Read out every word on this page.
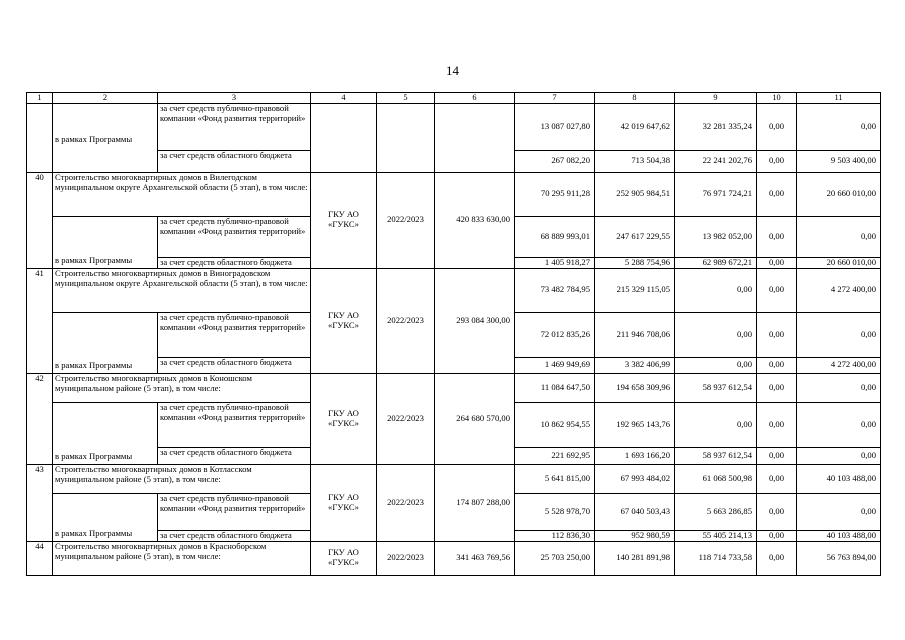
14
1	2	3	4	5	6	7	8	9	10	11
	в рамках Программы	за счет средств публично-правовой компании «Фонд развития территорий»				13 087 027,80	42 019 647,62	32 281 335,24	0,00	0,00
		за счет средств областного бюджета				267 082,20	713 504,38	22 241 202,76	0,00	9 503 400,00
40	Строительство многоквартирных домов в Вилегодском муниципальном округе Архангельской области (5 этап), в том числе:		ГКУ АО «ГУКС»	2022/2023	420 833 630,00	70 295 911,28	252 905 984,51	76 971 724,21	0,00	20 660 010,00
	в рамках Программы	за счет средств публично-правовой компании «Фонд развития территорий»				68 889 993,01	247 617 229,55	13 982 052,00	0,00	0,00
		за счет средств областного бюджета				1 405 918,27	5 288 754,96	62 989 672,21	0,00	20 660 010,00
41	Строительство многоквартирных домов в Виноградовском муниципальном округе Архангельской области (5 этап), в том числе:		ГКУ АО «ГУКС»	2022/2023	293 084 300,00	73 482 784,95	215 329 115,05	0,00	0,00	4 272 400,00
	в рамках Программы	за счет средств публично-правовой компании «Фонд развития территорий»				72 012 835,26	211 946 708,06	0,00	0,00	0,00
		за счет средств областного бюджета				1 469 949,69	3 382 406,99	0,00	0,00	4 272 400,00
42	Строительство многоквартирных домов в Коношском муниципальном районе (5 этап), в том числе:		ГКУ АО «ГУКС»	2022/2023	264 680 570,00	11 084 647,50	194 658 309,96	58 937 612,54	0,00	0,00
	в рамках Программы	за счет средств публично-правовой компании «Фонд развития территорий»				10 862 954,55	192 965 143,76	0,00	0,00	0,00
		за счет средств областного бюджета				221 692,95	1 693 166,20	58 937 612,54	0,00	0,00
43	Строительство многоквартирных домов в Котласском муниципальном районе (5 этап), в том числе:		ГКУ АО «ГУКС»	2022/2023	174 807 288,00	5 641 815,00	67 993 484,02	61 068 500,98	0,00	40 103 488,00
	в рамках Программы	за счет средств публично-правовой компании «Фонд развития территорий»				5 528 978,70	67 040 503,43	5 663 286,85	0,00	0,00
		за счет средств областного бюджета				112 836,30	952 980,59	55 405 214,13	0,00	40 103 488,00
44	Строительство многоквартирных домов в Красноборском муниципальном районе (5 этап), в том числе:		ГКУ АО «ГУКС»	2022/2023	341 463 769,56	25 703 250,00	140 281 891,98	118 714 733,58	0,00	56 763 894,00
